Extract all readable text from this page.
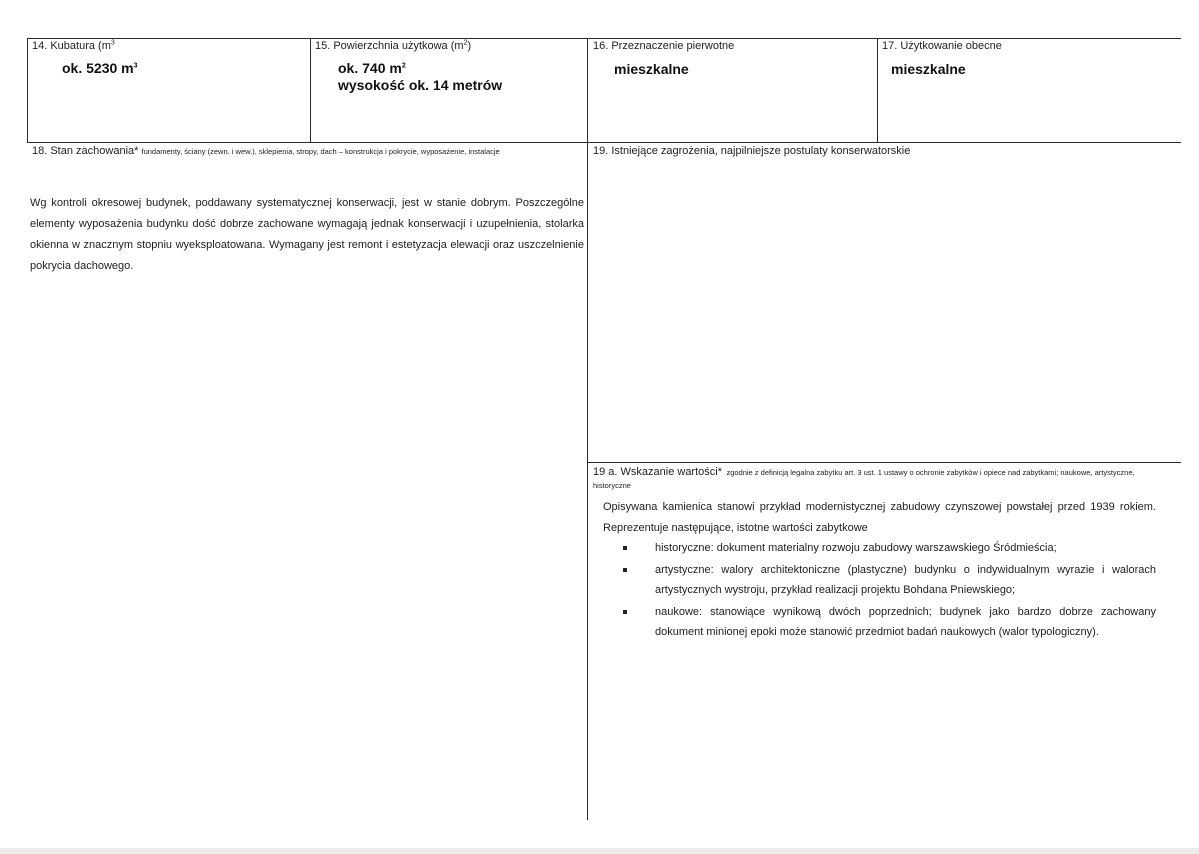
14. Kubatura ($m^3$
ok. 5230 $m^3$
15. Powierzchnia użytkowa $(m^2)$
ok. 740 $m^2$
wysokość ok. 14 metrów
16. Przeznaczenie pierwotne
mieszkalne
17. Użytkowanie obecne
mieszkalne
18. Stan zachowania* fundamenty, ściany (zewn. i wew.), sklepienia, stropy, dach – konstrukcja i pokrycie, wyposażenie, instalacje
Wg kontroli okresowej budynek, poddawany systematycznej konserwacji, jest w stanie dobrym. Poszczególne elementy wyposażenia budynku dość dobrze zachowane wymagają jednak konserwacji i uzupełnienia, stolarka okienna w znacznym stopniu wyeksploatowana. Wymagany jest remont i estetyzacja elewacji oraz uszczelnienie pokrycia dachowego.
19. Istniejące zagrożenia, najpilniejsze postulaty konserwatorskie
19 a. Wskazanie wartości* zgodnie z definicją legalna zabytku art. 3 ust. 1 ustawy o ochronie zabytków i opiece nad zabytkami; naukowe, artystyczne, historyczne
Opisywana kamienica stanowi przykład modernistycznej zabudowy czynszowej powstałej przed 1939 rokiem. Reprezentuje następujące, istotne wartości zabytkowe
historyczne: dokument materialny rozwoju zabudowy warszawskiego Śródmieścia;
artystyczne: walory architektoniczne (plastyczne) budynku o indywidualnym wyrazie i walorach artystycznych wystroju, przykład realizacji projektu Bohdana Pniewskiego;
naukowe: stanowiące wynikową dwóch poprzednich; budynek jako bardzo dobrze zachowany dokument minionej epoki może stanowić przedmiot badań naukowych (walor typologiczny).
